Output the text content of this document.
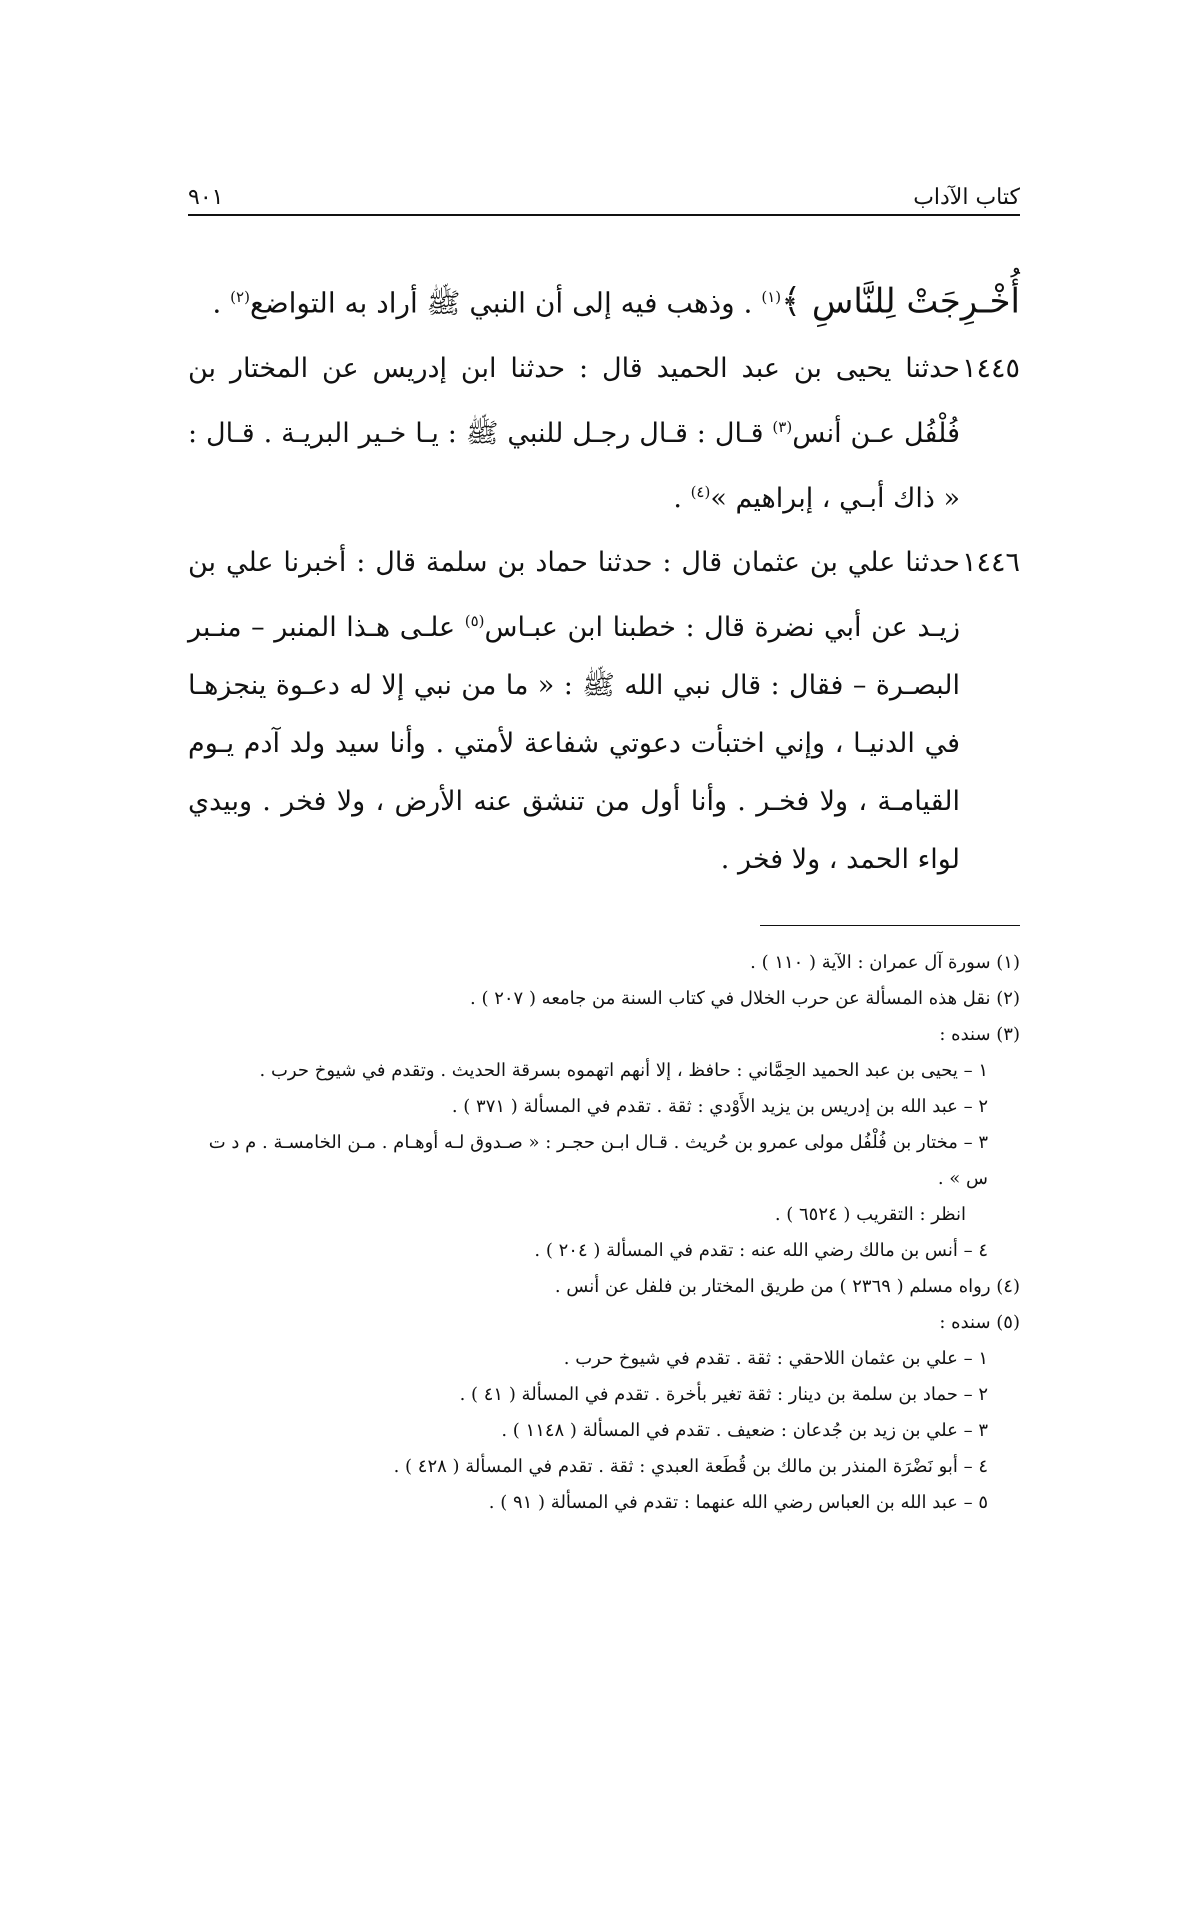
كتاب الآداب
٩٠١
أُخْـرِجَتْ لِلنَّاسِ ﴾$^{(١)}$ . وذهب فيه إلى أن النبي ﷺ أراد به التواضع$^{(٢)}$ .
١٤٤٥
حدثنا يحيى بن عبد الحميد قال : حدثنا ابن إدريس عن المختار بن فُلْفُل عـن أنس$^{(٣)}$ قـال : قـال رجـل للنبي ﷺ : يـا خـير البريـة . قـال : « ذاك أبـي ، إبراهيم »$^{(٤)}$ .
١٤٤٦
حدثنا علي بن عثمان قال : حدثنا حماد بن سلمة قال : أخبرنا علي بن زيـد عن أبي نضرة قال : خطبنا ابن عبـاس$^{(٥)}$ علـى هـذا المنبر – منـبر البصـرة – فقال : قال نبي الله ﷺ : « ما من نبي إلا له دعـوة ينجزهـا في الدنيـا ، وإني اختبأت دعوتي شفاعة لأمتي . وأنا سيد ولد آدم يـوم القيامـة ، ولا فخـر . وأنا أول من تنشق عنه الأرض ، ولا فخر . وبيدي لواء الحمد ، ولا فخر .

(١) سورة آل عمران : الآية ( ١١٠ ) .

(٢) نقل هذه المسألة عن حرب الخلال في كتاب السنة من جامعه ( ٢٠٧ ) .

(٣) سنده :

١ – يحيى بن عبد الحميد الحِمَّاني : حافظ ، إلا أنهم اتهموه بسرقة الحديث . وتقدم في شيوخ حرب .

٢ – عبد الله بن إدريس بن يزيد الأَوْدي : ثقة . تقدم في المسألة ( ٣٧١ ) .

٣ – مختار بن فُلْفُل مولى عمرو بن حُريث . قـال ابـن حجـر : « صـدوق لـه أوهـام . مـن الخامسـة . م د ت س » .

انظر : التقريب ( ٦٥٢٤ ) .

٤ – أنس بن مالك رضي الله عنه : تقدم في المسألة ( ٢٠٤ ) .

(٤) رواه مسلم ( ٢٣٦٩ ) من طريق المختار بن فلفل عن أنس .

(٥) سنده :

١ – علي بن عثمان اللاحقي : ثقة . تقدم في شيوخ حرب .

٢ – حماد بن سلمة بن دينار : ثقة تغير بأخرة . تقدم في المسألة ( ٤١ ) .

٣ – علي بن زيد بن جُدعان : ضعيف . تقدم في المسألة ( ١١٤٨ ) .

٤ – أبو نَضْرَة المنذر بن مالك بن قُطَعة العبدي : ثقة . تقدم في المسألة ( ٤٢٨ ) .

٥ – عبد الله بن العباس رضي الله عنهما : تقدم في المسألة ( ٩١ ) .
